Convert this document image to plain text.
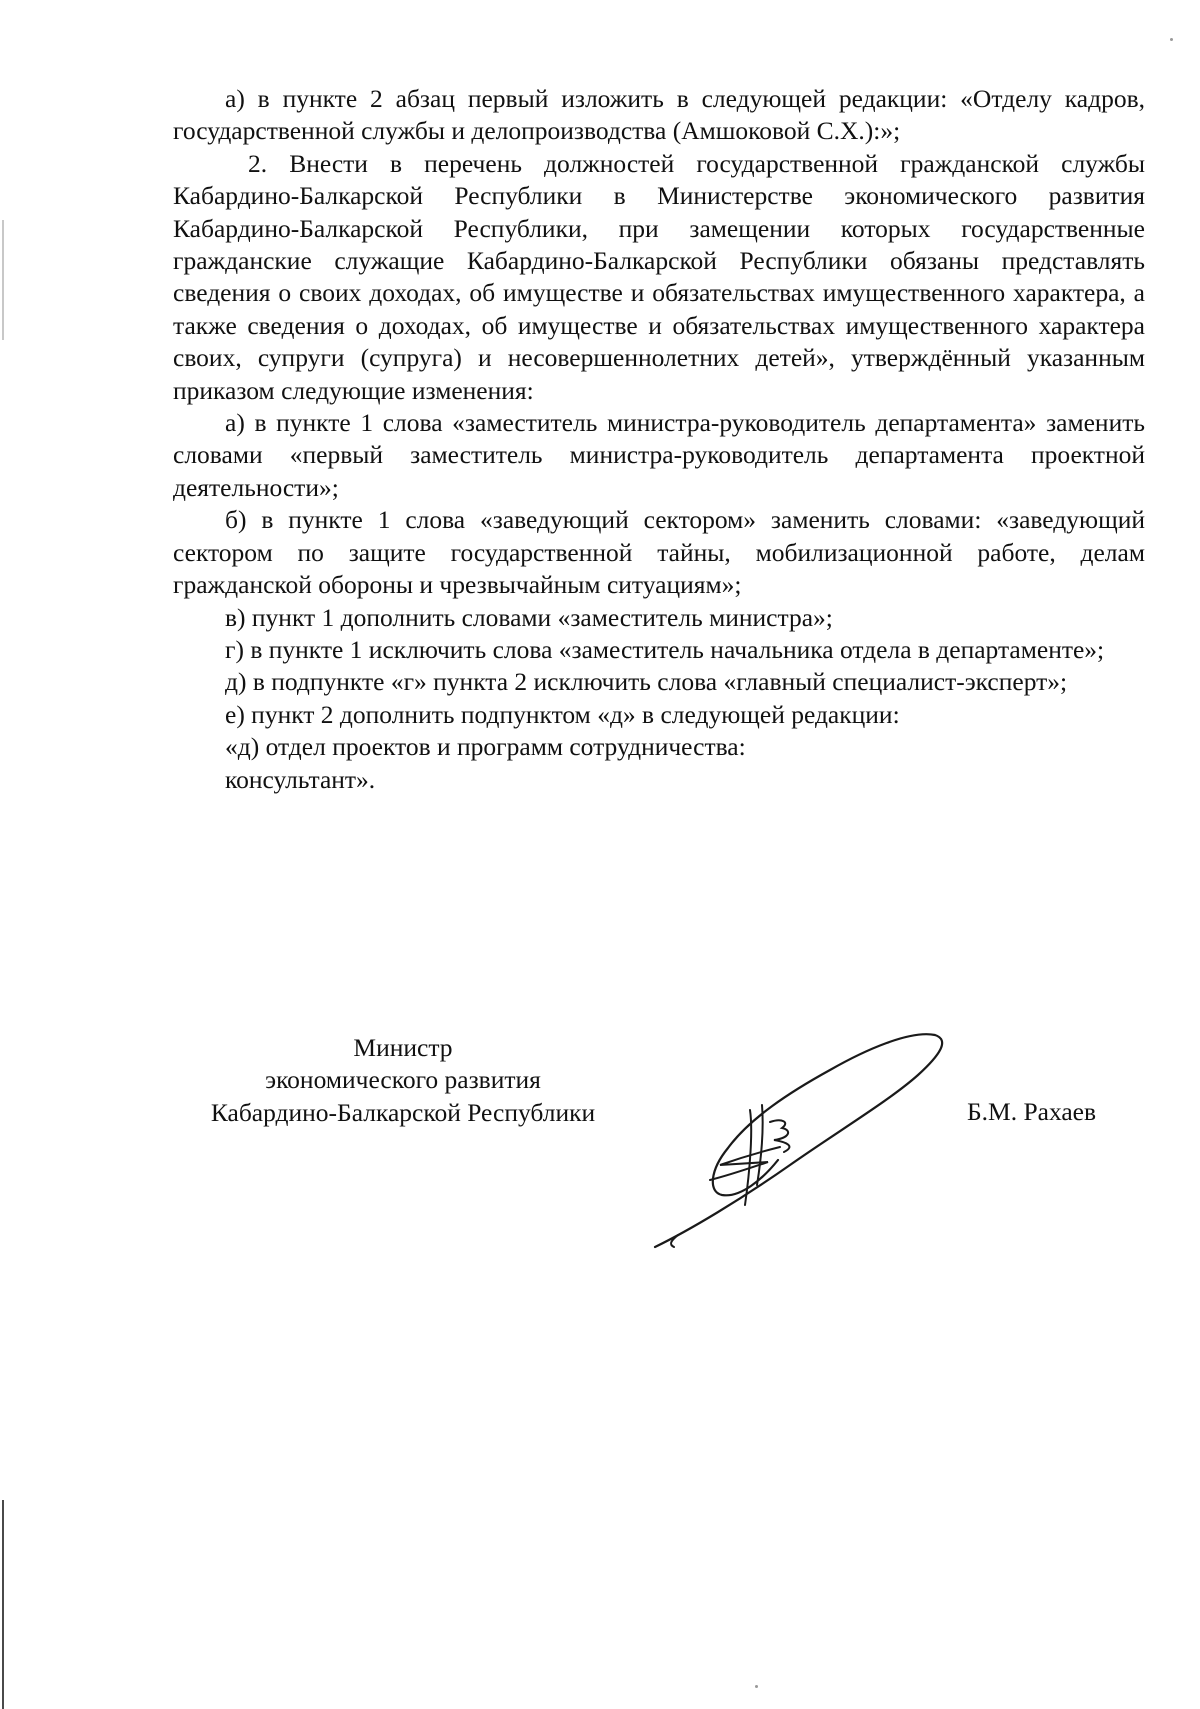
а) в пункте 2 абзац первый изложить в следующей редакции: «Отделу кадров, государственной службы и делопроизводства (Амшоковой С.Х.):»;

2. Внести в перечень должностей государственной гражданской службы Кабардино-Балкарской Республики в Министерстве экономического развития Кабардино-Балкарской Республики, при замещении которых государственные гражданские служащие Кабардино-Балкарской Республики обязаны представлять сведения о своих доходах, об имуществе и обязательствах имущественного характера, а также сведения о доходах, об имуществе и обязательствах имущественного характера своих, супруги (супруга) и несовершеннолетних детей», утверждённый указанным приказом следующие изменения:

а) в пункте 1 слова «заместитель министра-руководитель департамента» заменить словами «первый заместитель министра-руководитель департамента проектной деятельности»;

б) в пункте 1 слова «заведующий сектором» заменить словами: «заведующий сектором по защите государственной тайны, мобилизационной работе, делам гражданской обороны и чрезвычайным ситуациям»;

в) пункт 1 дополнить словами «заместитель министра»;

г) в пункте 1 исключить слова «заместитель начальника отдела в департаменте»;

д) в подпункте «г» пункта 2 исключить слова «главный специалист-эксперт»;

е) пункт 2 дополнить подпунктом «д» в следующей редакции:

«д) отдел проектов и программ сотрудничества:

консультант».

Министр
экономического развития
Кабардино-Балкарской Республики	Б.М. Рахаев
